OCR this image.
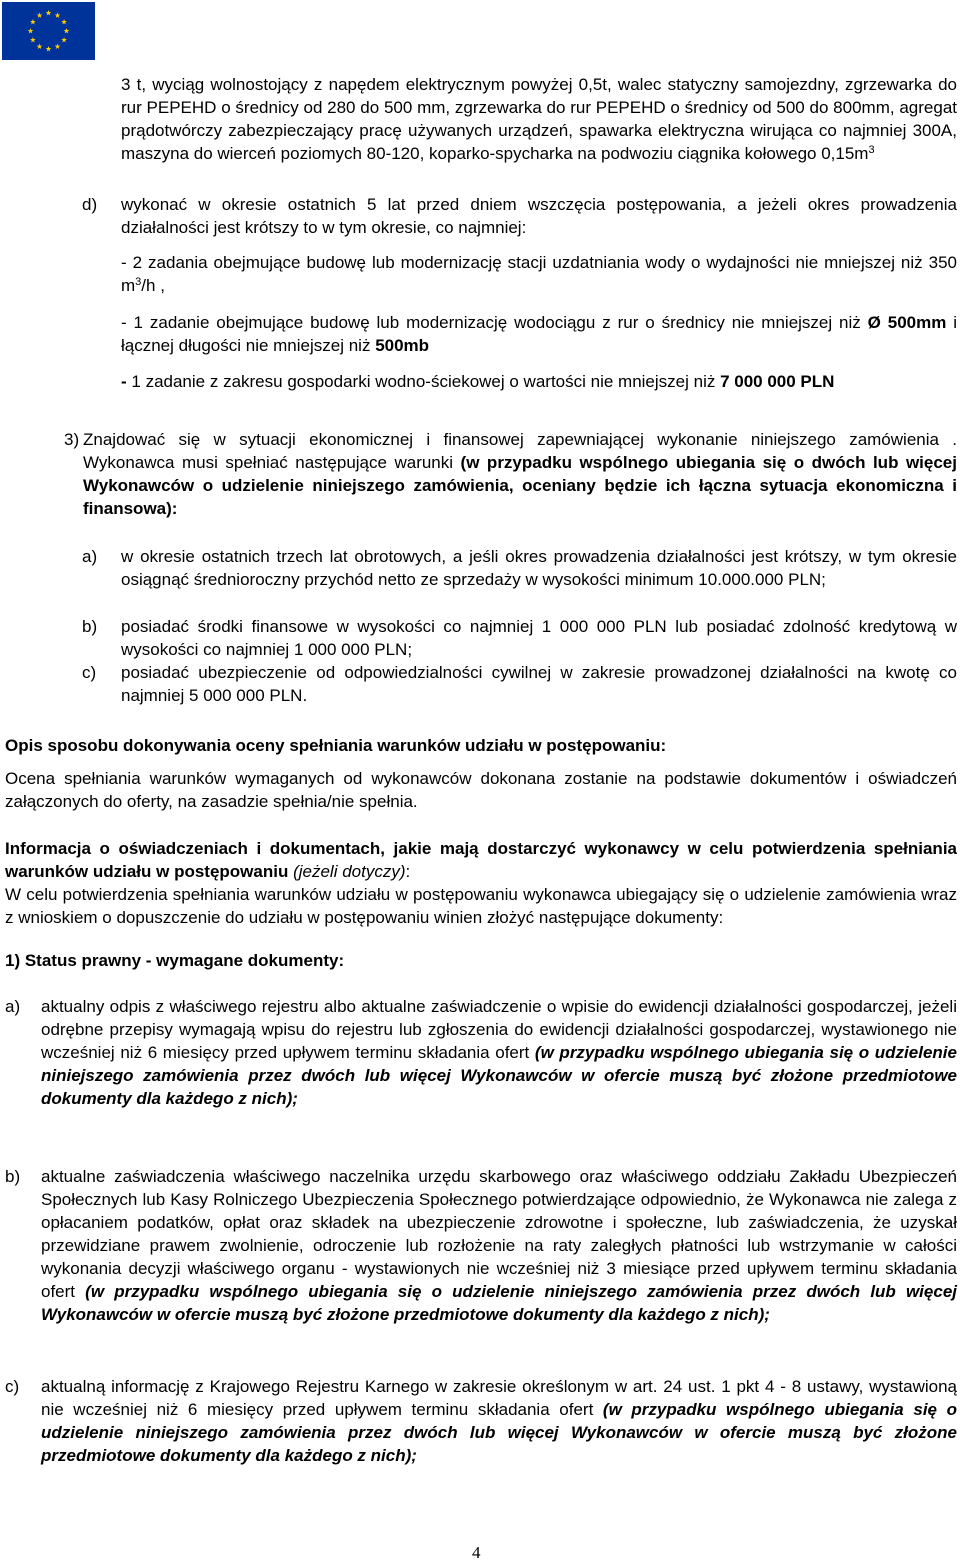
3 t, wyciąg wolnostojący z napędem elektrycznym powyżej 0,5t, walec statyczny samojezdny, zgrzewarka do rur PEPEHD o średnicy od 280 do 500 mm, zgrzewarka do rur PEPEHD o średnicy od 500 do 800mm, agregat prądotwórczy zabezpieczający pracę używanych urządzeń, spawarka elektryczna wirująca co najmniej 300A, maszyna do wierceń poziomych 80-120, koparko-spycharka na podwoziu ciągnika kołowego $0,15m^3$
d) wykonać w okresie ostatnich 5 lat przed dniem wszczęcia postępowania, a jeżeli okres prowadzenia działalności jest krótszy to w tym okresie, co najmniej:

- 2 zadania obejmujące budowę lub modernizację stacji uzdatniania wody o wydajności nie mniejszej niż 350 $m^3/h$ ,
- 1 zadanie obejmujące budowę lub modernizację wodociągu z rur o średnicy nie mniejszej niż Ø 500mm i łącznej długości nie mniejszej niż 500mb
- 1 zadanie z zakresu gospodarki wodno-ściekowej o wartości nie mniejszej niż 7 000 000 PLN
3) Znajdować się w sytuacji ekonomicznej i finansowej zapewniającej wykonanie niniejszego zamówienia . Wykonawca musi spełniać następujące warunki (w przypadku wspólnego ubiegania się o dwóch lub więcej Wykonawców o udzielenie niniejszego zamówienia, oceniany będzie ich łączna sytuacja ekonomiczna i finansowa):

a) w okresie ostatnich trzech lat obrotowych, a jeśli okres prowadzenia działalności jest krótszy, w tym okresie osiągnąć średnioroczny przychód netto ze sprzedaży w wysokości minimum 10.000.000 PLN;

b) posiadać środki finansowe w wysokości co najmniej 1 000 000 PLN lub posiadać zdolność kredytową w wysokości co najmniej 1 000 000 PLN;

c) posiadać ubezpieczenie od odpowiedzialności cywilnej w zakresie prowadzonej działalności na kwotę co najmniej 5 000 000 PLN.

Opis sposobu dokonywania oceny spełniania warunków udziału w postępowaniu:
Ocena spełniania warunków wymaganych od wykonawców dokonana zostanie na podstawie dokumentów i oświadczeń załączonych do oferty, na zasadzie spełnia/nie spełnia.

Informacja o oświadczeniach i dokumentach, jakie mają dostarczyć wykonawcy w celu potwierdzenia spełniania warunków udziału w postępowaniu (jeżeli dotyczy):

W celu potwierdzenia spełniania warunków udziału w postępowaniu wykonawca ubiegający się o udzielenie zamówienia wraz z wnioskiem o dopuszczenie do udziału w postępowaniu winien złożyć następujące dokumenty:

1) Status prawny - wymagane dokumenty:
a) aktualny odpis z właściwego rejestru albo aktualne zaświadczenie o wpisie do ewidencji działalności gospodarczej, jeżeli odrębne przepisy wymagają wpisu do rejestru lub zgłoszenia do ewidencji działalności gospodarczej, wystawionego nie wcześniej niż 6 miesięcy przed upływem terminu składania ofert (w przypadku wspólnego ubiegania się o udzielenie niniejszego zamówienia przez dwóch lub więcej Wykonawców w ofercie muszą być złożone przedmiotowe dokumenty dla każdego z nich);

b) aktualne zaświadczenia właściwego naczelnika urzędu skarbowego oraz właściwego oddziału Zakładu Ubezpieczeń Społecznych lub Kasy Rolniczego Ubezpieczenia Społecznego potwierdzające odpowiednio, że Wykonawca nie zalega z opłacaniem podatków, opłat oraz składek na ubezpieczenie zdrowotne i społeczne, lub zaświadczenia, że uzyskał przewidziane prawem zwolnienie, odroczenie lub rozłożenie na raty zaległych płatności lub wstrzymanie w całości wykonania decyzji właściwego organu - wystawionych nie wcześniej niż 3 miesiące przed upływem terminu składania ofert (w przypadku wspólnego ubiegania się o udzielenie niniejszego zamówienia przez dwóch lub więcej Wykonawców w ofercie muszą być złożone przedmiotowe dokumenty dla każdego z nich);

c) aktualną informację z Krajowego Rejestru Karnego w zakresie określonym w art. 24 ust. 1 pkt 4 - 8 ustawy, wystawioną nie wcześniej niż 6 miesięcy przed upływem terminu składania ofert (w przypadku wspólnego ubiegania się o udzielenie niniejszego zamówienia przez dwóch lub więcej Wykonawców w ofercie muszą być złożone przedmiotowe dokumenty dla każdego z nich);

4
